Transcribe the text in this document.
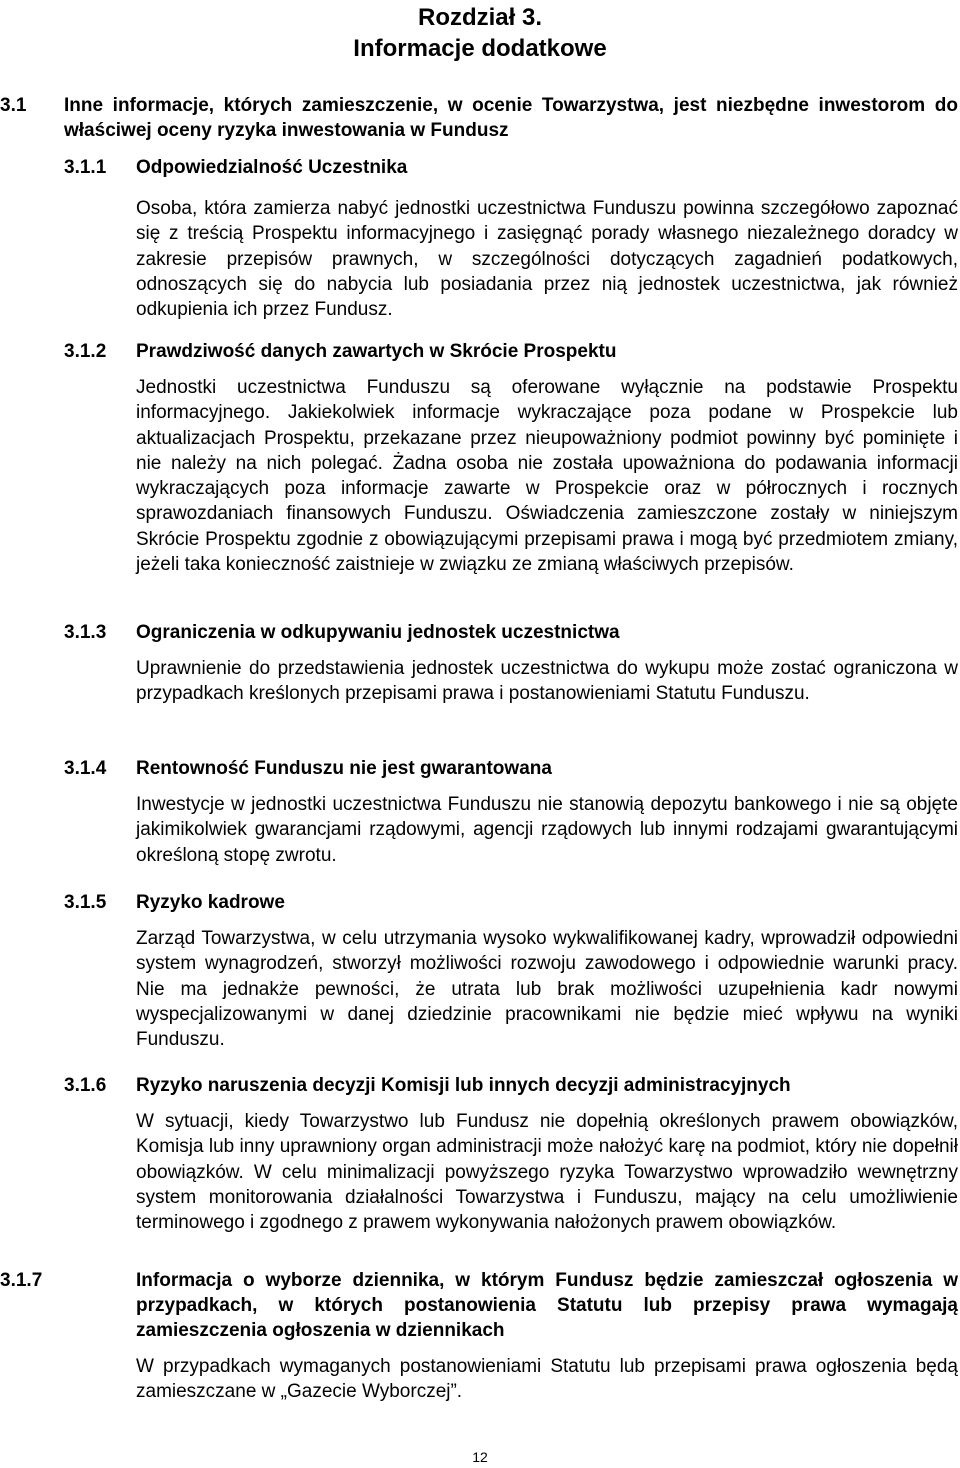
Rozdział 3.
Informacje dodatkowe
3.1 Inne informacje, których zamieszczenie, w ocenie Towarzystwa, jest niezbędne inwestorom do właściwej oceny ryzyka inwestowania w Fundusz
3.1.1 Odpowiedzialność Uczestnika
Osoba, która zamierza nabyć jednostki uczestnictwa Funduszu powinna szczegółowo zapoznać się z treścią Prospektu informacyjnego i zasięgnąć porady własnego niezależnego doradcy w zakresie przepisów prawnych, w szczególności dotyczących zagadnień podatkowych, odnoszących się do nabycia lub posiadania przez nią jednostek uczestnictwa, jak również odkupienia ich przez Fundusz.
3.1.2 Prawdziwość danych zawartych w Skrócie Prospektu
Jednostki uczestnictwa Funduszu są oferowane wyłącznie na podstawie Prospektu informacyjnego. Jakiekolwiek informacje wykraczające poza podane w Prospekcie lub aktualizacjach Prospektu, przekazane przez nieupoważniony podmiot powinny być pominięte i nie należy na nich polegać. Żadna osoba nie została upoważniona do podawania informacji wykraczających poza informacje zawarte w Prospekcie oraz w półrocznych i rocznych sprawozdaniach finansowych Funduszu. Oświadczenia zamieszczone zostały w niniejszym Skrócie Prospektu zgodnie z obowiązującymi przepisami prawa i mogą być przedmiotem zmiany, jeżeli taka konieczność zaistnieje w związku ze zmianą właściwych przepisów.
3.1.3 Ograniczenia w odkupywaniu jednostek uczestnictwa
Uprawnienie do przedstawienia jednostek uczestnictwa do wykupu może zostać ograniczona w przypadkach kreślonych przepisami prawa i postanowieniami Statutu Funduszu.
3.1.4 Rentowność Funduszu nie jest gwarantowana
Inwestycje w jednostki uczestnictwa Funduszu nie stanowią depozytu bankowego i nie są objęte jakimikolwiek gwarancjami rządowymi, agencji rządowych lub innymi rodzajami gwarantującymi określoną stopę zwrotu.
3.1.5 Ryzyko kadrowe
Zarząd Towarzystwa, w celu utrzymania wysoko wykwalifikowanej kadry, wprowadził odpowiedni system wynagrodzeń, stworzył możliwości rozwoju zawodowego i odpowiednie warunki pracy. Nie ma jednakże pewności, że utrata lub brak możliwości uzupełnienia kadr nowymi wyspecjalizowanymi w danej dziedzinie pracownikami nie będzie mieć wpływu na wyniki Funduszu.
3.1.6 Ryzyko naruszenia decyzji Komisji lub innych decyzji administracyjnych
W sytuacji, kiedy Towarzystwo lub Fundusz nie dopełnią określonych prawem obowiązków, Komisja lub inny uprawniony organ administracji może nałożyć karę na podmiot, który nie dopełnił obowiązków. W celu minimalizacji powyższego ryzyka Towarzystwo wprowadziło wewnętrzny system monitorowania działalności Towarzystwa i Funduszu, mający na celu umożliwienie terminowego i zgodnego z prawem wykonywania nałożonych prawem obowiązków.
3.1.7	Informacja o wyborze dziennika, w którym Fundusz będzie zamieszczał ogłoszenia w przypadkach, w których postanowienia Statutu lub przepisy prawa wymagają zamieszczenia ogłoszenia w dziennikach
W przypadkach wymaganych postanowieniami Statutu lub przepisami prawa ogłoszenia będą zamieszczane w „Gazecie Wyborczej”.
12
